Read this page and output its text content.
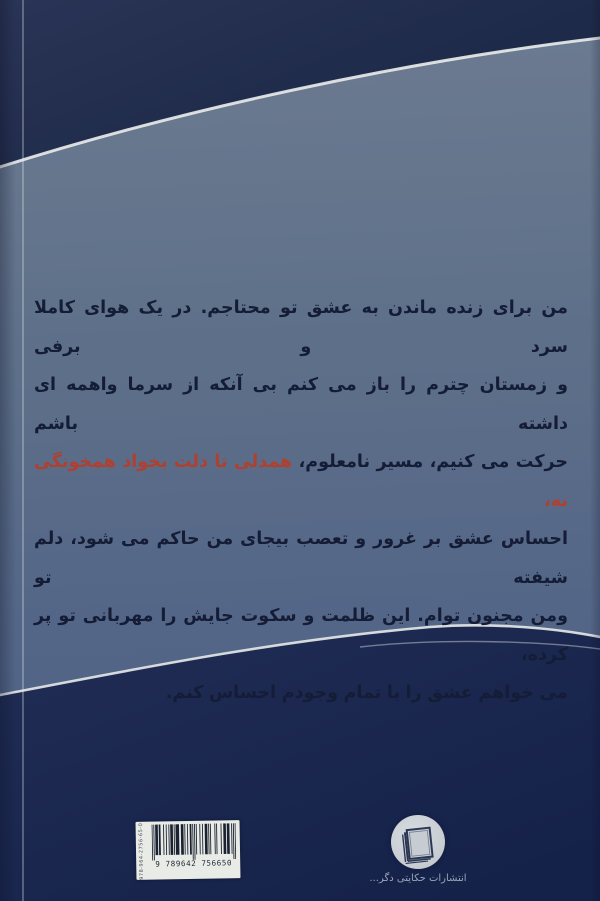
من برای زنده ماندن به عشق تو محتاجم. در یک هوای کاملا سرد و برفی
و زمستان چترم را باز می کنم بی آنکه از سرما واهمه ای داشته باشم
حرکت می کنیم، مسیر نامعلوم، همدلی تا دلت بخواد همخونگی نه،
احساس عشق بر غرور و تعصب بیجای من حاکم می شود، دلم شیفته تو
ومن مجنون توام. این ظلمت و سکوت جایش را مهربانی تو پر کرده،
می خواهم عشق را با تمام وجودم احساس کنم.
978-964-2756-65-0	9 789642 756650
انتشارات حکایتی دگر...
